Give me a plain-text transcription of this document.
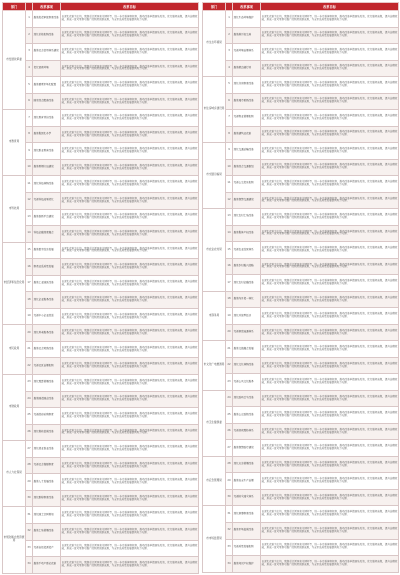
部门		改革事项	改革目标
市发展改革委	1	推进投资审批制度改革	以深化改革为主线，聚焦重点领域和关键环节，进一步完善体制机制，推动改革举措落地见效，优化服务流程，提升治理效能，形成一批可复制可推广的制度创新成果，为全市高质量发展提供有力支撑。
	2	深化价格机制改革	以深化改革为主线，聚焦重点领域和关键环节，进一步完善体制机制，推动改革举措落地见效，优化服务流程，提升治理效能，形成一批可复制可推广的制度创新成果，为全市高质量发展提供有力支撑。
	3	推进社会信用体系建设	以深化改革为主线，聚焦重点领域和关键环节，进一步完善体制机制，推动改革举措落地见效，优化服务流程，提升治理效能，形成一批可复制可推广的制度创新成果，为全市高质量发展提供有力支撑。
	4	优化营商环境	以深化改革为主线，聚焦重点领域和关键环节，进一步完善体制机制，推动改革举措落地见效，优化服务流程，提升治理效能，形成一批可复制可推广的制度创新成果，为全市高质量发展提供有力支撑。
	5	推进要素市场化配置	以深化改革为主线，聚焦重点领域和关键环节，进一步完善体制机制，推动改革举措落地见效，优化服务流程，提升治理效能，形成一批可复制可推广的制度创新成果，为全市高质量发展提供有力支撑。
	6	国家综合配套改革	以深化改革为主线，聚焦重点领域和关键环节，进一步完善体制机制，推动改革举措落地见效，优化服务流程，提升治理效能，形成一批可复制可推广的制度创新成果，为全市高质量发展提供有力支撑。
市教育局	7	深化教育评价改革	以深化改革为主线，聚焦重点领域和关键环节，进一步完善体制机制，推动改革举措落地见效，优化服务流程，提升治理效能，形成一批可复制可推广的制度创新成果，为全市高质量发展提供有力支撑。
	8	推进集团化办学	以深化改革为主线，聚焦重点领域和关键环节，进一步完善体制机制，推动改革举措落地见效，优化服务流程，提升治理效能，形成一批可复制可推广的制度创新成果，为全市高质量发展提供有力支撑。
	9	深化职业教育改革	以深化改革为主线，聚焦重点领域和关键环节，进一步完善体制机制，推动改革举措落地见效，优化服务流程，提升治理效能，形成一批可复制可推广的制度创新成果，为全市高质量发展提供有力支撑。
	10	推进教师队伍建设	以深化改革为主线，聚焦重点领域和关键环节，进一步完善体制机制，推动改革举措落地见效，优化服务流程，提升治理效能，形成一批可复制可推广的制度创新成果，为全市高质量发展提供有力支撑。
市科技局	11	深化科技体制改革	以深化改革为主线，聚焦重点领域和关键环节，进一步完善体制机制，推动改革举措落地见效，优化服务流程，提升治理效能，形成一批可复制可推广的制度创新成果，为全市高质量发展提供有力支撑。
	12	完善科技成果转化	以深化改革为主线，聚焦重点领域和关键环节，进一步完善体制机制，推动改革举措落地见效，优化服务流程，提升治理效能，形成一批可复制可推广的制度创新成果，为全市高质量发展提供有力支撑。
	13	推进创新平台建设	以深化改革为主线，聚焦重点领域和关键环节，进一步完善体制机制，推动改革举措落地见效，优化服务流程，提升治理效能，形成一批可复制可推广的制度创新成果，为全市高质量发展提供有力支撑。
	14	科技金融深度融合	以深化改革为主线，聚焦重点领域和关键环节，进一步完善体制机制，推动改革举措落地见效，优化服务流程，提升治理效能，形成一批可复制可推广的制度创新成果，为全市高质量发展提供有力支撑。
市经济和信息化局	15	推进数字经济发展	以深化改革为主线，聚焦重点领域和关键环节，进一步完善体制机制，推动改革举措落地见效，优化服务流程，提升治理效能，形成一批可复制可推广的制度创新成果，为全市高质量发展提供有力支撑。
	16	制造业高质量发展	以深化改革为主线，聚焦重点领域和关键环节，进一步完善体制机制，推动改革举措落地见效，优化服务流程，提升治理效能，形成一批可复制可推广的制度创新成果，为全市高质量发展提供有力支撑。
	17	推进工业园区改革	以深化改革为主线，聚焦重点领域和关键环节，进一步完善体制机制，推动改革举措落地见效，优化服务流程，提升治理效能，形成一批可复制可推广的制度创新成果，为全市高质量发展提供有力支撑。
	18	深化企业服务改革	以深化改革为主线，聚焦重点领域和关键环节，进一步完善体制机制，推动改革举措落地见效，优化服务流程，提升治理效能，形成一批可复制可推广的制度创新成果，为全市高质量发展提供有力支撑。
	19	完善中小企业政策	以深化改革为主线，聚焦重点领域和关键环节，进一步完善体制机制，推动改革举措落地见效，优化服务流程，提升治理效能，形成一批可复制可推广的制度创新成果，为全市高质量发展提供有力支撑。
市民政局	20	深化养老服务改革	以深化改革为主线，聚焦重点领域和关键环节，进一步完善体制机制，推动改革举措落地见效，优化服务流程，提升治理效能，形成一批可复制可推广的制度创新成果，为全市高质量发展提供有力支撑。
	21	推进社会救助改革	以深化改革为主线，聚焦重点领域和关键环节，进一步完善体制机制，推动改革举措落地见效，优化服务流程，提升治理效能，形成一批可复制可推广的制度创新成果，为全市高质量发展提供有力支撑。
	22	完善社区治理机制	以深化改革为主线，聚焦重点领域和关键环节，进一步完善体制机制，推动改革举措落地见效，优化服务流程，提升治理效能，形成一批可复制可推广的制度创新成果，为全市高质量发展提供有力支撑。
市财政局	23	深化预算管理改革	以深化改革为主线，聚焦重点领域和关键环节，进一步完善体制机制，推动改革举措落地见效，优化服务流程，提升治理效能，形成一批可复制可推广的制度创新成果，为全市高质量发展提供有力支撑。
	24	推进国资国企改革	以深化改革为主线，聚焦重点领域和关键环节，进一步完善体制机制，推动改革举措落地见效，优化服务流程，提升治理效能，形成一批可复制可推广的制度创新成果，为全市高质量发展提供有力支撑。
	25	完善政府采购制度	以深化改革为主线，聚焦重点领域和关键环节，进一步完善体制机制，推动改革举措落地见效，优化服务流程，提升治理效能，形成一批可复制可推广的制度创新成果，为全市高质量发展提供有力支撑。
	26	深化税收征管改革	以深化改革为主线，聚焦重点领域和关键环节，进一步完善体制机制，推动改革举措落地见效，优化服务流程，提升治理效能，形成一批可复制可推广的制度创新成果，为全市高质量发展提供有力支撑。
市人力社保局	27	深化就业创业改革	以深化改革为主线，聚焦重点领域和关键环节，进一步完善体制机制，推动改革举措落地见效，优化服务流程，提升治理效能，形成一批可复制可推广的制度创新成果，为全市高质量发展提供有力支撑。
	28	完善社会保障制度	以深化改革为主线，聚焦重点领域和关键环节，进一步完善体制机制，推动改革举措落地见效，优化服务流程，提升治理效能，形成一批可复制可推广的制度创新成果，为全市高质量发展提供有力支撑。
	29	推进人才发展改革	以深化改革为主线，聚焦重点领域和关键环节，进一步完善体制机制，推动改革举措落地见效，优化服务流程，提升治理效能，形成一批可复制可推广的制度创新成果，为全市高质量发展提供有力支撑。
	30	深化职称制度改革	以深化改革为主线，聚焦重点领域和关键环节，进一步完善体制机制，推动改革举措落地见效，优化服务流程，提升治理效能，形成一批可复制可推广的制度创新成果，为全市高质量发展提供有力支撑。
市规划和自然资源局	31	深化国土空间规划	以深化改革为主线，聚焦重点领域和关键环节，进一步完善体制机制，推动改革举措落地见效，优化服务流程，提升治理效能，形成一批可复制可推广的制度创新成果，为全市高质量发展提供有力支撑。
	32	推进土地管理改革	以深化改革为主线，聚焦重点领域和关键环节，进一步完善体制机制，推动改革举措落地见效，优化服务流程，提升治理效能，形成一批可复制可推广的制度创新成果，为全市高质量发展提供有力支撑。
	33	完善自然资源资产	以深化改革为主线，聚焦重点领域和关键环节，进一步完善体制机制，推动改革举措落地见效，优化服务流程，提升治理效能，形成一批可复制可推广的制度创新成果，为全市高质量发展提供有力支撑。
	34	推进不动产登记改革	以深化改革为主线，聚焦重点领域和关键环节，进一步完善体制机制，推动改革举措落地见效，优化服务流程，提升治理效能，形成一批可复制可推广的制度创新成果，为全市高质量发展提供有力支撑。
部门		改革事项	改革目标
市生态环境局	1	深化生态环境保护	以深化改革为主线，聚焦重点领域和关键环节，进一步完善体制机制，推动改革举措落地见效，优化服务流程，提升治理效能，形成一批可复制可推广的制度创新成果，为全市高质量发展提供有力支撑。
	2	推进排污权交易	以深化改革为主线，聚焦重点领域和关键环节，进一步完善体制机制，推动改革举措落地见效，优化服务流程，提升治理效能，形成一批可复制可推广的制度创新成果，为全市高质量发展提供有力支撑。
	3	完善环境治理体系	以深化改革为主线，聚焦重点领域和关键环节，进一步完善体制机制，推动改革举措落地见效，优化服务流程，提升治理效能，形成一批可复制可推广的制度创新成果，为全市高质量发展提供有力支撑。
	4	推进碳达峰行动	以深化改革为主线，聚焦重点领域和关键环节，进一步完善体制机制，推动改革举措落地见效，优化服务流程，提升治理效能，形成一批可复制可推广的制度创新成果，为全市高质量发展提供有力支撑。
市住房城乡建设局	5	深化住房制度改革	以深化改革为主线，聚焦重点领域和关键环节，进一步完善体制机制，推动改革举措落地见效，优化服务流程，提升治理效能，形成一批可复制可推广的制度创新成果，为全市高质量发展提供有力支撑。
	6	推进城市更新改革	以深化改革为主线，聚焦重点领域和关键环节，进一步完善体制机制，推动改革举措落地见效，优化服务流程，提升治理效能，形成一批可复制可推广的制度创新成果，为全市高质量发展提供有力支撑。
	7	完善物业管理机制	以深化改革为主线，聚焦重点领域和关键环节，进一步完善体制机制，推动改革举措落地见效，优化服务流程，提升治理效能，形成一批可复制可推广的制度创新成果，为全市高质量发展提供有力支撑。
	8	推进建筑业改革	以深化改革为主线，聚焦重点领域和关键环节，进一步完善体制机制，推动改革举措落地见效，优化服务流程，提升治理效能，形成一批可复制可推广的制度创新成果，为全市高质量发展提供有力支撑。
市交通运输局	9	深化交通运输改革	以深化改革为主线，聚焦重点领域和关键环节，进一步完善体制机制，推动改革举措落地见效，优化服务流程，提升治理效能，形成一批可复制可推广的制度创新成果，为全市高质量发展提供有力支撑。
	10	推进综合交通枢纽	以深化改革为主线，聚焦重点领域和关键环节，进一步完善体制机制，推动改革举措落地见效，优化服务流程，提升治理效能，形成一批可复制可推广的制度创新成果，为全市高质量发展提供有力支撑。
	11	完善公交优先机制	以深化改革为主线，聚焦重点领域和关键环节，进一步完善体制机制，推动改革举措落地见效，优化服务流程，提升治理效能，形成一批可复制可推广的制度创新成果，为全市高质量发展提供有力支撑。
	12	推进智慧交通建设	以深化改革为主线，聚焦重点领域和关键环节，进一步完善体制机制，推动改革举措落地见效，优化服务流程，提升治理效能，形成一批可复制可推广的制度创新成果，为全市高质量发展提供有力支撑。
市农业农村局	13	深化农村土地改革	以深化改革为主线，聚焦重点领域和关键环节，进一步完善体制机制，推动改革举措落地见效，优化服务流程，提升治理效能，形成一批可复制可推广的制度创新成果，为全市高质量发展提供有力支撑。
	14	推进集体产权改革	以深化改革为主线，聚焦重点领域和关键环节，进一步完善体制机制，推动改革举措落地见效，优化服务流程，提升治理效能，形成一批可复制可推广的制度创新成果，为全市高质量发展提供有力支撑。
	15	完善农业经营体系	以深化改革为主线，聚焦重点领域和关键环节，进一步完善体制机制，推动改革举措落地见效，优化服务流程，提升治理效能，形成一批可复制可推广的制度创新成果，为全市高质量发展提供有力支撑。
	16	推进乡村振兴战略	以深化改革为主线，聚焦重点领域和关键环节，进一步完善体制机制，推动改革举措落地见效，优化服务流程，提升治理效能，形成一批可复制可推广的制度创新成果，为全市高质量发展提供有力支撑。
	17	深化农村金融改革	以深化改革为主线，聚焦重点领域和关键环节，进一步完善体制机制，推动改革举措落地见效，优化服务流程，提升治理效能，形成一批可复制可推广的制度创新成果，为全市高质量发展提供有力支撑。
市商务局	18	推进内外贸一体化	以深化改革为主线，聚焦重点领域和关键环节，进一步完善体制机制，推动改革举措落地见效，优化服务流程，提升治理效能，形成一批可复制可推广的制度创新成果，为全市高质量发展提供有力支撑。
	19	深化开放型经济	以深化改革为主线，聚焦重点领域和关键环节，进一步完善体制机制，推动改革举措落地见效，优化服务流程，提升治理效能，形成一批可复制可推广的制度创新成果，为全市高质量发展提供有力支撑。
	20	完善商贸流通体系	以深化改革为主线，聚焦重点领域和关键环节，进一步完善体制机制，推动改革举措落地见效，优化服务流程，提升治理效能，形成一批可复制可推广的制度创新成果，为全市高质量发展提供有力支撑。
市文化广电旅游局	21	推进文旅融合发展	以深化改革为主线，聚焦重点领域和关键环节，进一步完善体制机制，推动改革举措落地见效，优化服务流程，提升治理效能，形成一批可复制可推广的制度创新成果，为全市高质量发展提供有力支撑。
	22	深化文化体制改革	以深化改革为主线，聚焦重点领域和关键环节，进一步完善体制机制，推动改革举措落地见效，优化服务流程，提升治理效能，形成一批可复制可推广的制度创新成果，为全市高质量发展提供有力支撑。
	23	完善公共文化服务	以深化改革为主线，聚焦重点领域和关键环节，进一步完善体制机制，推动改革举措落地见效，优化服务流程，提升治理效能，形成一批可复制可推广的制度创新成果，为全市高质量发展提供有力支撑。
市卫生健康委	24	深化医药卫生改革	以深化改革为主线，聚焦重点领域和关键环节，进一步完善体制机制，推动改革举措落地见效，优化服务流程，提升治理效能，形成一批可复制可推广的制度创新成果，为全市高质量发展提供有力支撑。
	25	推进公立医院改革	以深化改革为主线，聚焦重点领域和关键环节，进一步完善体制机制，推动改革举措落地见效，优化服务流程，提升治理效能，形成一批可复制可推广的制度创新成果，为全市高质量发展提供有力支撑。
	26	完善疾病预防体系	以深化改革为主线，聚焦重点领域和关键环节，进一步完善体制机制，推动改革举措落地见效，优化服务流程，提升治理效能，形成一批可复制可推广的制度创新成果，为全市高质量发展提供有力支撑。
	27	推进智慧医疗建设	以深化改革为主线，聚焦重点领域和关键环节，进一步完善体制机制，推动改革举措落地见效，优化服务流程，提升治理效能，形成一批可复制可推广的制度创新成果，为全市高质量发展提供有力支撑。
市应急管理局	28	深化应急管理改革	以深化改革为主线，聚焦重点领域和关键环节，进一步完善体制机制，推动改革举措落地见效，优化服务流程，提升治理效能，形成一批可复制可推广的制度创新成果，为全市高质量发展提供有力支撑。
	29	推进安全生产治理	以深化改革为主线，聚焦重点领域和关键环节，进一步完善体制机制，推动改革举措落地见效，优化服务流程，提升治理效能，形成一批可复制可推广的制度创新成果，为全市高质量发展提供有力支撑。
	30	完善防灾减灾体系	以深化改革为主线，聚焦重点领域和关键环节，进一步完善体制机制，推动改革举措落地见效，优化服务流程，提升治理效能，形成一批可复制可推广的制度创新成果，为全市高质量发展提供有力支撑。
市市场监管局	31	深化商事制度改革	以深化改革为主线，聚焦重点领域和关键环节，进一步完善体制机制，推动改革举措落地见效，优化服务流程，提升治理效能，形成一批可复制可推广的制度创新成果，为全市高质量发展提供有力支撑。
	32	推进市场监管改革	以深化改革为主线，聚焦重点领域和关键环节，进一步完善体制机制，推动改革举措落地见效，优化服务流程，提升治理效能，形成一批可复制可推广的制度创新成果，为全市高质量发展提供有力支撑。
	33	完善质量发展机制	以深化改革为主线，聚焦重点领域和关键环节，进一步完善体制机制，推动改革举措落地见效，优化服务流程，提升治理效能，形成一批可复制可推广的制度创新成果，为全市高质量发展提供有力支撑。
	34	推进知识产权保护	以深化改革为主线，聚焦重点领域和关键环节，进一步完善体制机制，推动改革举措落地见效，优化服务流程，提升治理效能，形成一批可复制可推广的制度创新成果，为全市高质量发展提供有力支撑。
